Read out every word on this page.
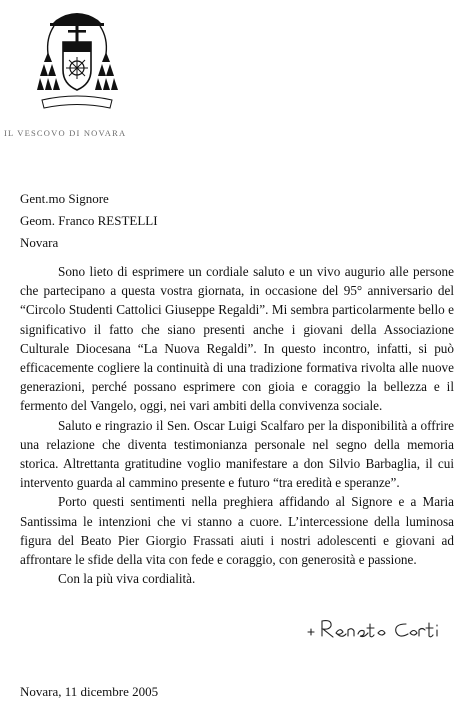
IL VESCOVO DI NOVARA
Gent.mo Signore
Geom. Franco RESTELLI
Novara

Sono lieto di esprimere un cordiale saluto e un vivo augurio alle persone che partecipano a questa vostra giornata, in occasione del 95° anniversario del “Circolo Studenti Cattolici Giuseppe Regaldi”. Mi sembra particolarmente bello e significativo il fatto che siano presenti anche i giovani della Associazione Culturale Diocesana “La Nuova Regaldi”. In questo incontro, infatti, si può efficacemente cogliere la continuità di una tradizione formativa rivolta alle nuove generazioni, perché possano esprimere con gioia e coraggio la bellezza e il fermento del Vangelo, oggi, nei vari ambiti della convivenza sociale.

Saluto e ringrazio il Sen. Oscar Luigi Scalfaro per la disponibilità a offrire una relazione che diventa testimonianza personale nel segno della memoria storica. Altrettanta gratitudine voglio manifestare a don Silvio Barbaglia, il cui intervento guarda al cammino presente e futuro “tra eredità e speranze”.

Porto questi sentimenti nella preghiera affidando al Signore e a Maria Santissima le intenzioni che vi stanno a cuore. L’intercessione della luminosa figura del Beato Pier Giorgio Frassati aiuti i nostri adolescenti e giovani ad affrontare le sfide della vita con fede e coraggio, con generosità e passione.

Con la più viva cordialità.

Novara, 11 dicembre 2005
